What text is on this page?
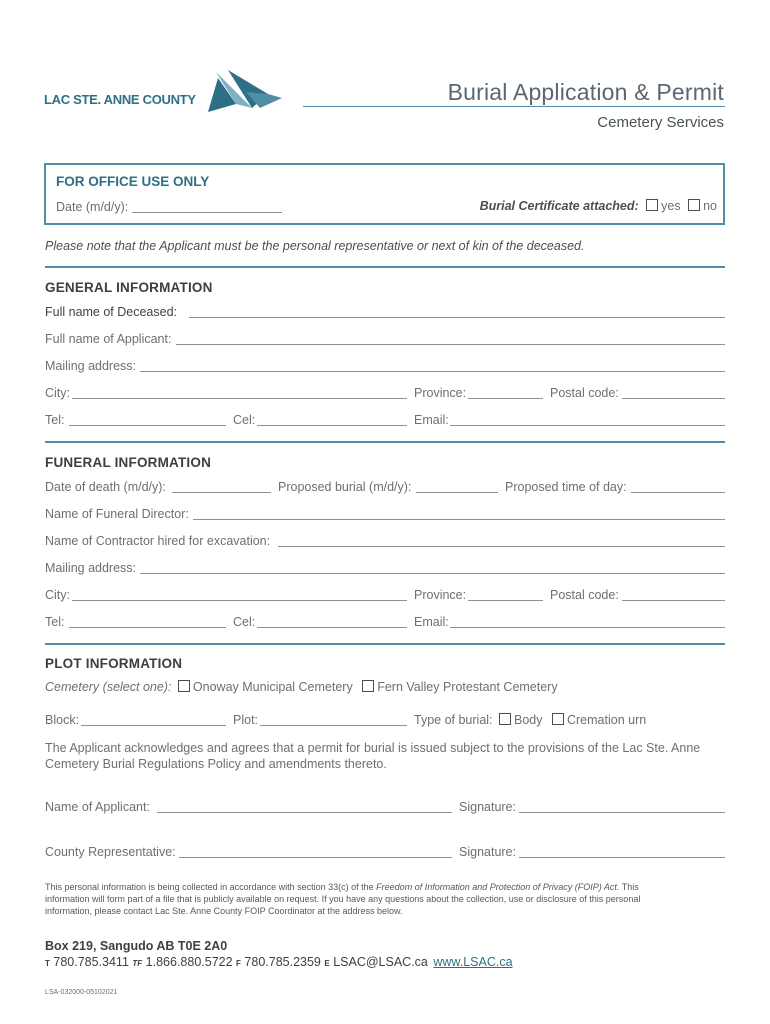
LAC STE. ANNE COUNTY	Burial Application & Permit
Cemetery Services
FOR OFFICE USE ONLY
Date (m/d/y):	Burial Certificate attached: yes no
Please note that the Applicant must be the personal representative or next of kin of the deceased.
GENERAL INFORMATION
Full name of Deceased:
Full name of Applicant:
Mailing address:
City:	Province:	Postal code:
Tel:	Cel:	Email:
FUNERAL INFORMATION
Date of death (m/d/y):	Proposed burial (m/d/y):	Proposed time of day:
Name of Funeral Director:
Name of Contractor hired for excavation:
Mailing address:
City:	Province:	Postal code:
Tel:	Cel:	Email:
PLOT INFORMATION
Cemetery (select one): Onoway Municipal Cemetery Fern Valley Protestant Cemetery
Block:	Plot:	Type of burial: Body Cremation urn
The Applicant acknowledges and agrees that a permit for burial is issued subject to the provisions of the Lac Ste. Anne Cemetery Burial Regulations Policy and amendments thereto.
Name of Applicant:	Signature:
County Representative:	Signature:
This personal information is being collected in accordance with section 33(c) of the Freedom of Information and Protection of Privacy (FOIP) Act. This information will form part of a file that is publicly available on request. If you have any questions about the collection, use or disclosure of this personal information, please contact Lac Ste. Anne County FOIP Coordinator at the address below.
Box 219, Sangudo AB T0E 2A0
T 780.785.3411 TF 1.866.880.5722 F 780.785.2359 E LSAC@LSAC.ca www.LSAC.ca
LSA-032000-05102021
